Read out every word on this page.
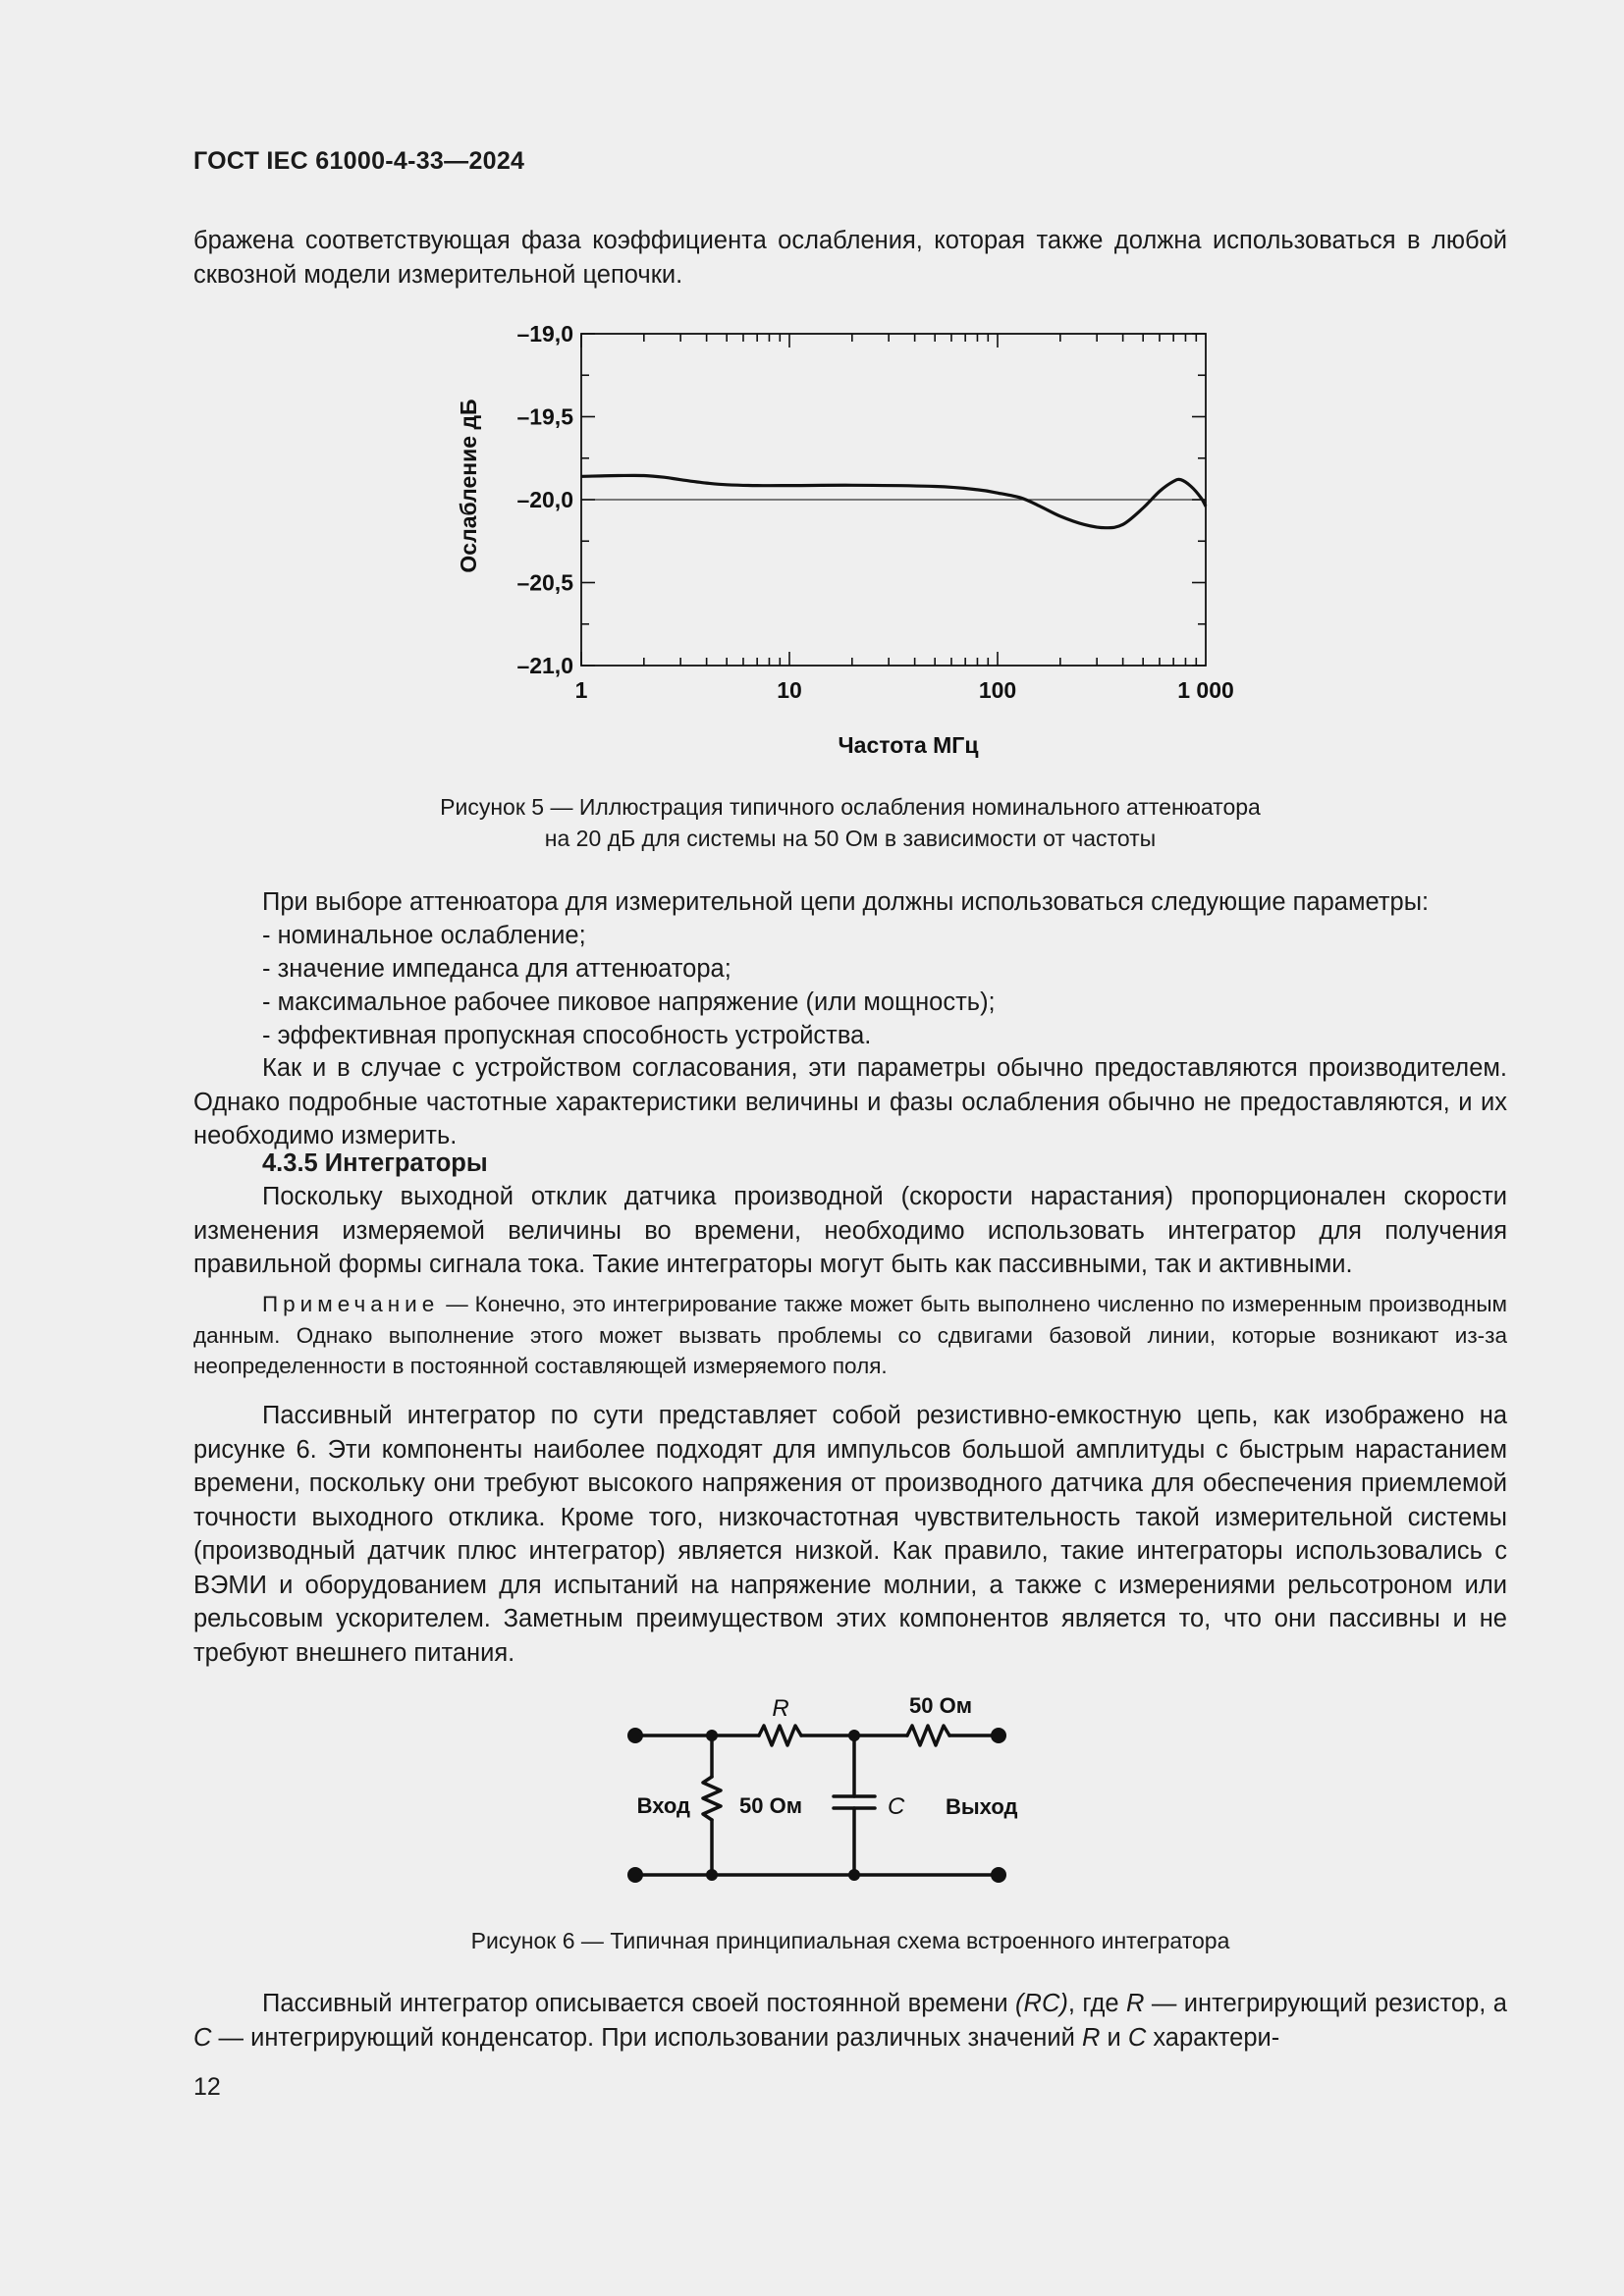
ГОСТ IEC 61000-4-33—2024

бражена соответствующая фаза коэффициента ослабления, которая также должна использоваться в любой сквозной модели измерительной цепочки.

1	10	100	1 000
–19,0
–19,5
–20,0
–20,5
–21,0
Ослабление дБ
Частота МГц

Рисунок 5 — Иллюстрация типичного ослабления номинального аттенюатора

на 20 дБ для системы на 50 Ом в зависимости от частоты

При выборе аттенюатора для измерительной цепи должны использоваться следующие параметры:
- номинальное ослабление;
- значение импеданса для аттенюатора;
- максимальное рабочее пиковое напряжение (или мощность);
- эффективная пропускная способность устройства.

Как и в случае с устройством согласования, эти параметры обычно предоставляются производителем. Однако подробные частотные характеристики величины и фазы ослабления обычно не предоставляются, и их необходимо измерить.

4.3.5 Интеграторы

Поскольку выходной отклик датчика производной (скорости нарастания) пропорционален скорости изменения измеряемой величины во времени, необходимо использовать интегратор для получения правильной формы сигнала тока. Такие интеграторы могут быть как пассивными, так и активными.

Примечание — Конечно, это интегрирование также может быть выполнено численно по измеренным производным данным. Однако выполнение этого может вызвать проблемы со сдвигами базовой линии, которые возникают из-за неопределенности в постоянной составляющей измеряемого поля.

Пассивный интегратор по сути представляет собой резистивно-емкостную цепь, как изображено на рисунке 6. Эти компоненты наиболее подходят для импульсов большой амплитуды с быстрым нарастанием времени, поскольку они требуют высокого напряжения от производного датчика для обеспечения приемлемой точности выходного отклика. Кроме того, низкочастотная чувствительность такой измерительной системы (производный датчик плюс интегратор) является низкой. Как правило, такие интеграторы использовались с ВЭМИ и оборудованием для испытаний на напряжение молнии, а также с измерениями рельсотроном или рельсовым ускорителем. Заметным преимуществом этих компонентов является то, что они пассивны и не требуют внешнего питания.

R	50 Ом
Вход 50 Ом	C Выход

Рисунок 6 — Типичная принципиальная схема встроенного интегратора

Пассивный интегратор описывается своей постоянной времени (RC), где R — интегрирующий резистор, а C — интегрирующий конденсатор. При использовании различных значений R и C характери-

12
